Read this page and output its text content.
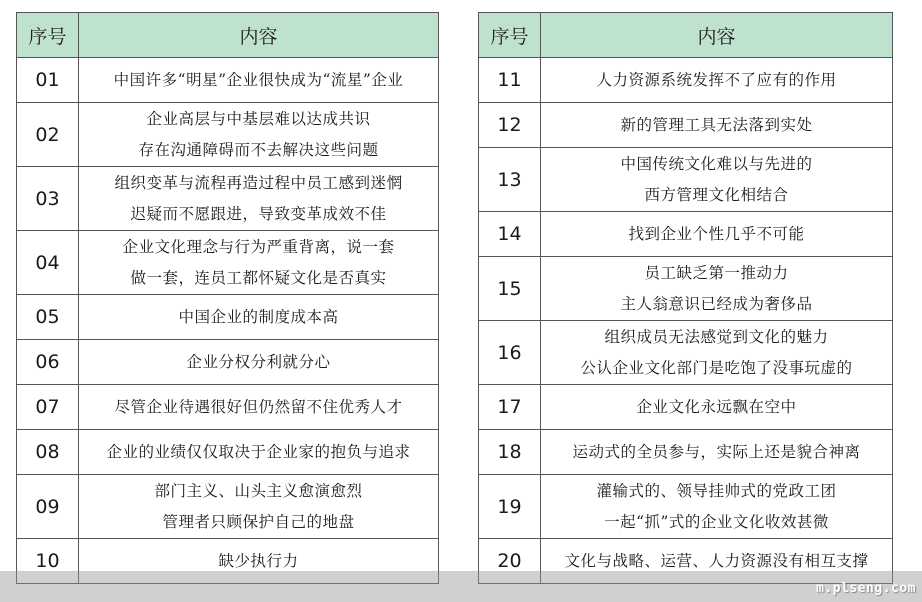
序号	内容
01	中国许多“明星”企业很快成为“流星”企业

02	企业高层与中基层难以达成共识
存在沟通障碍而不去解决这些问题

03	组织变革与流程再造过程中员工感到迷惘
迟疑而不愿跟进，导致变革成效不佳

04	企业文化理念与行为严重背离，说一套
做一套，连员工都怀疑文化是否真实

05	中国企业的制度成本高

06	企业分权分利就分心

07	尽管企业待遇很好但仍然留不住优秀人才

08	企业的业绩仅仅取决于企业家的抱负与追求

09	部门主义、山头主义愈演愈烈
管理者只顾保护自己的地盘

10	缺少执行力
序号	内容
11	人力资源系统发挥不了应有的作用

12	新的管理工具无法落到实处

13	中国传统文化难以与先进的
西方管理文化相结合

14	找到企业个性几乎不可能

15	员工缺乏第一推动力
主人翁意识已经成为奢侈品

16	组织成员无法感觉到文化的魅力
公认企业文化部门是吃饱了没事玩虚的

17	企业文化永远飘在空中

18	运动式的全员参与，实际上还是貌合神离

19	灌输式的、领导挂帅式的党政工团
一起“抓”式的企业文化收效甚微

20	文化与战略、运营、人力资源没有相互支撑
m.plseng.com
